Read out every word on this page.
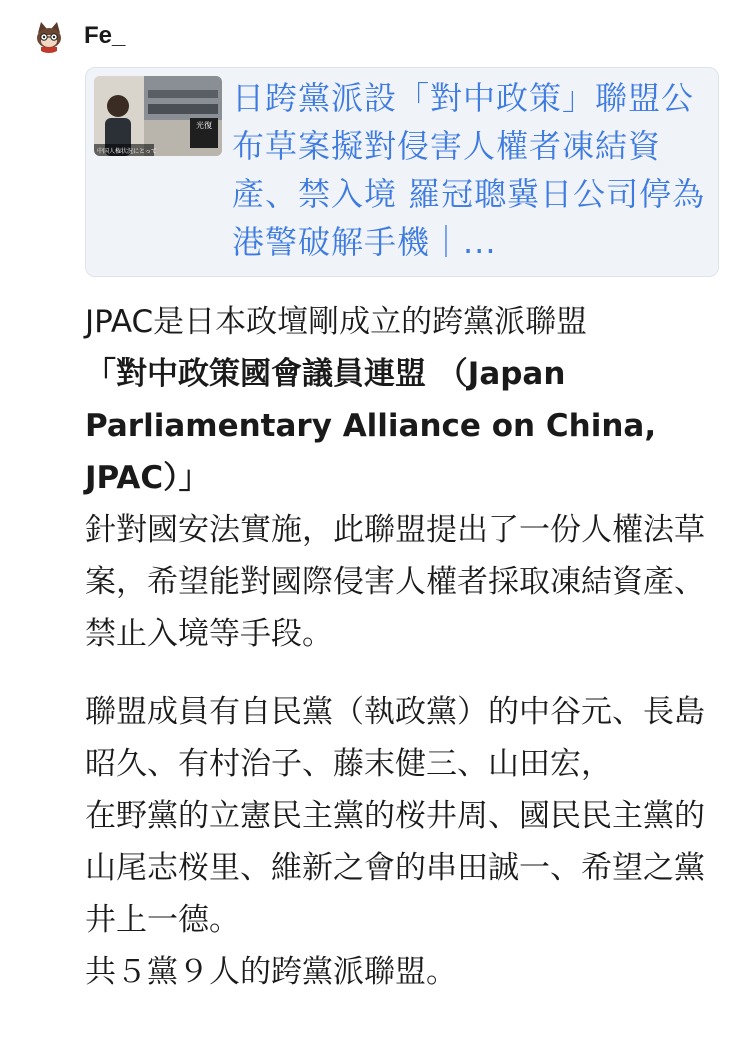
Fe_
光復
中国人権状況にとって
日跨黨派設「對中政策」聯盟公布草案擬對侵害人權者凍結資產、禁入境 羅冠聰冀日公司停為港警破解手機｜...

JPAC是日本政壇剛成立的跨黨派聯盟

「對中政策國會議員連盟 （Japan

Parliamentary Alliance on China,

JPAC）」

針對國安法實施，此聯盟提出了一份人權法草案，希望能對國際侵害人權者採取凍結資產、禁止入境等手段。

聯盟成員有自民黨（執政黨）的中谷元、長島昭久、有村治子、藤末健三、山田宏，

在野黨的立憲民主黨的桜井周、國民民主黨的山尾志桜里、維新之會的串田誠一、希望之黨井上一德。

共５黨９人的跨黨派聯盟。
